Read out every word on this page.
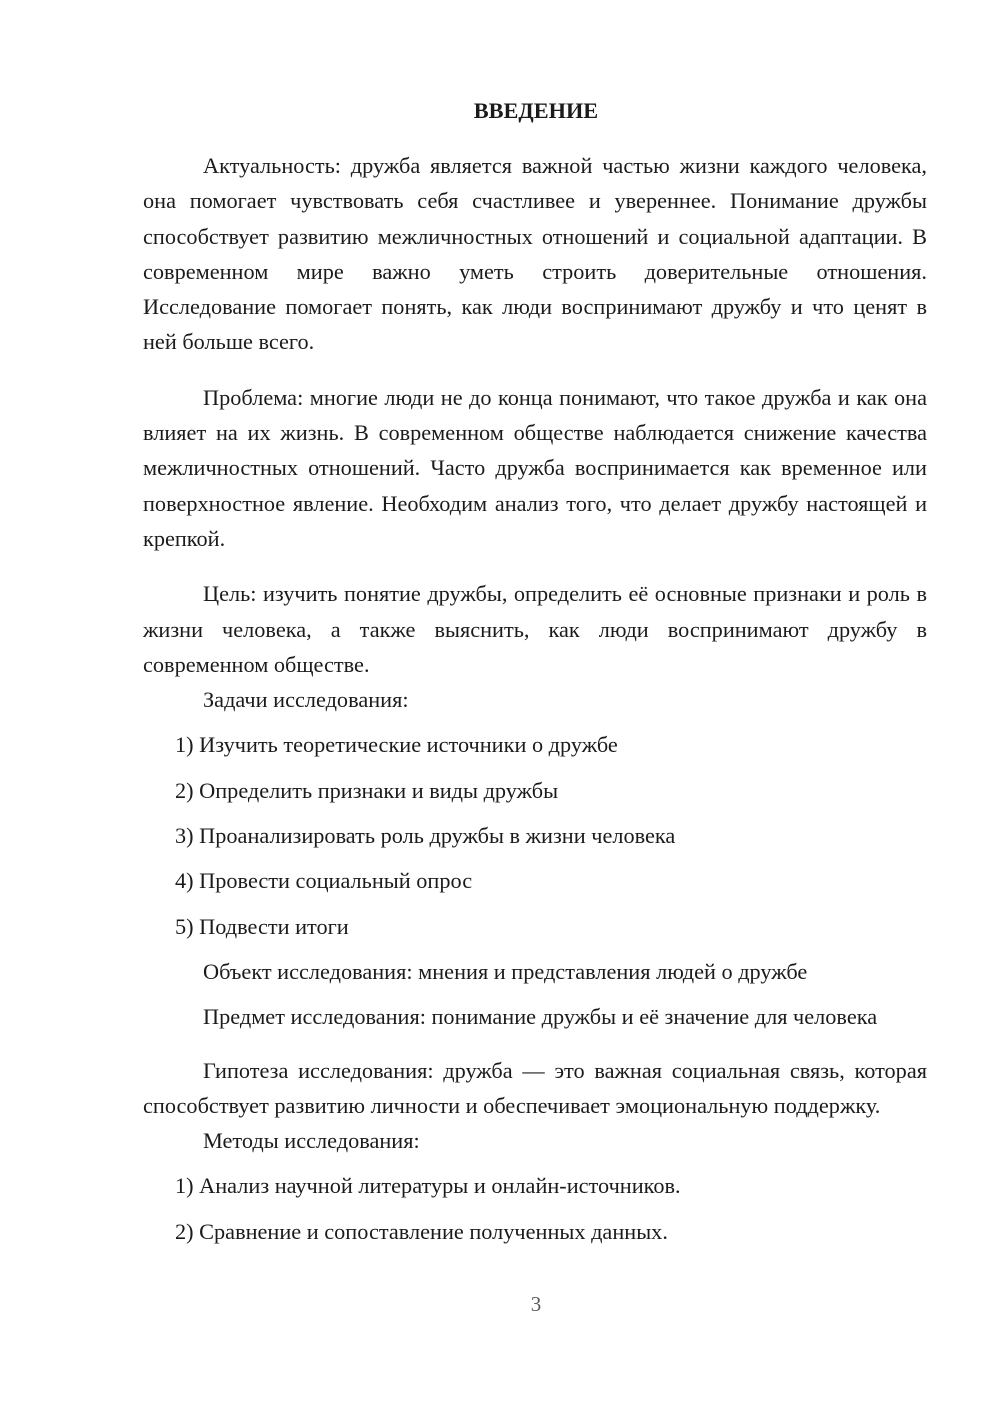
ВВЕДЕНИЕ

Актуальность: дружба является важной частью жизни каждого человека, она помогает чувствовать себя счастливее и увереннее. Понимание дружбы способствует развитию межличностных отношений и социальной адаптации. В современном мире важно уметь строить доверительные отношения. Исследование помогает понять, как люди воспринимают дружбу и что ценят в ней больше всего.

Проблема: многие люди не до конца понимают, что такое дружба и как она влияет на их жизнь. В современном обществе наблюдается снижение качества межличностных отношений. Часто дружба воспринимается как временное или поверхностное явление. Необходим анализ того, что делает дружбу настоящей и крепкой.

Цель: изучить понятие дружбы, определить её основные признаки и роль в жизни человека, а также выяснить, как люди воспринимают дружбу в современном обществе.

Задачи исследования:

1) Изучить теоретические источники о дружбе

2) Определить признаки и виды дружбы

3) Проанализировать роль дружбы в жизни человека

4) Провести социальный опрос

5) Подвести итоги

Объект исследования: мнения и представления людей о дружбе

Предмет исследования: понимание дружбы и её значение для человека

Гипотеза исследования: дружба — это важная социальная связь, которая способствует развитию личности и обеспечивает эмоциональную поддержку.

Методы исследования:

1) Анализ научной литературы и онлайн-источников.

2) Сравнение и сопоставление полученных данных.

3
